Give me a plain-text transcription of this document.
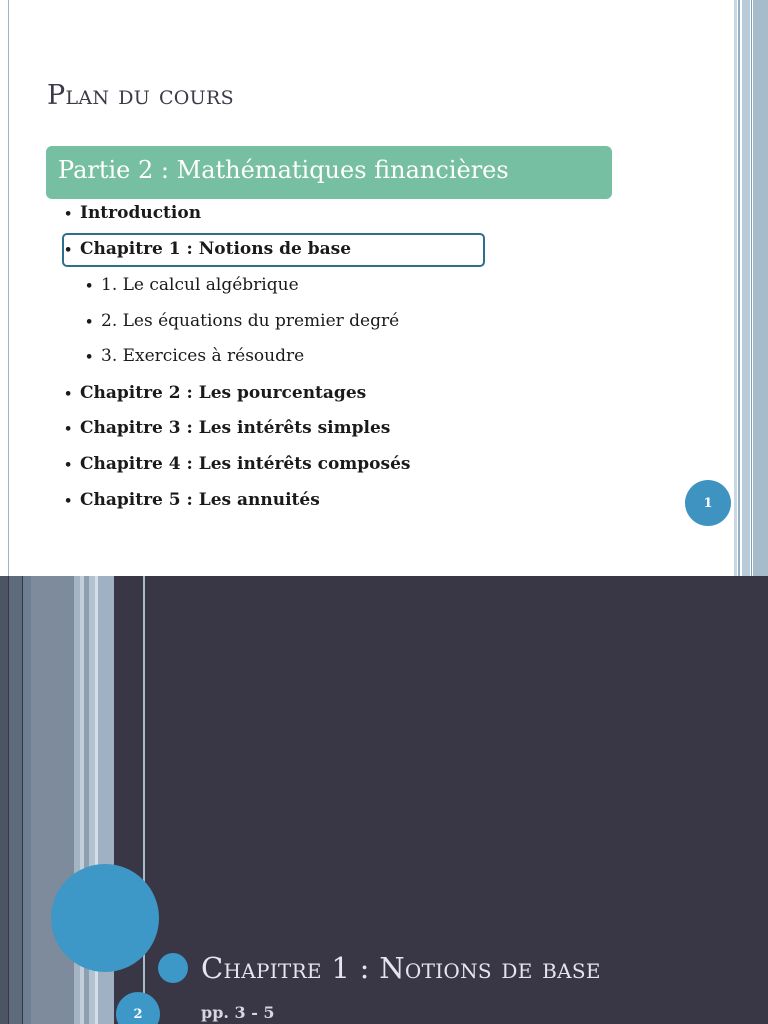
Plan du cours
Partie 2 : Mathématiques financières
• Introduction
• Chapitre 1 : Notions de base
• 1. Le calcul algébrique
• 2. Les équations du premier degré
• 3. Exercices à résoudre
• Chapitre 2 : Les pourcentages
• Chapitre 3 : Les intérêts simples
• Chapitre 4 : Les intérêts composés
• Chapitre 5 : Les annuités	1
Chapitre 1 : Notions de base
pp. 3 - 5
2
